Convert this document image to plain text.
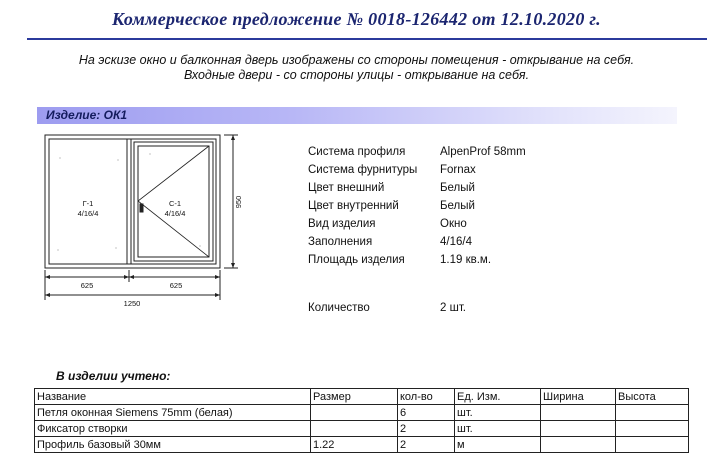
Коммерческое предложение № 0018-126442 от 12.10.2020 г.
На эскизе окно и балконная дверь изображены со стороны помещения - открывание на себя.
Входные двери - со стороны улицы - открывание на себя.
Изделие: ОК1
Г-1
4/16/4
С-1
4/16/4
625	625
1250
950
Система профиля	AlpenProf 58mm
Система фурнитуры Fornax
Цвет внешний	Белый
Цвет внутренний	Белый
Вид изделия	Окно
Заполнения	4/16/4
Площадь изделия	1.19 кв.м.
Количество	2 шт.
В изделии учтено:
Название	Размер	кол-во	Ед. Изм.	Ширина	Высота
Петля оконная Siemens 75mm (белая)		6	шт.		
Фиксатор створки		2	шт.		
Профиль базовый 30мм	1.22	2	м		
